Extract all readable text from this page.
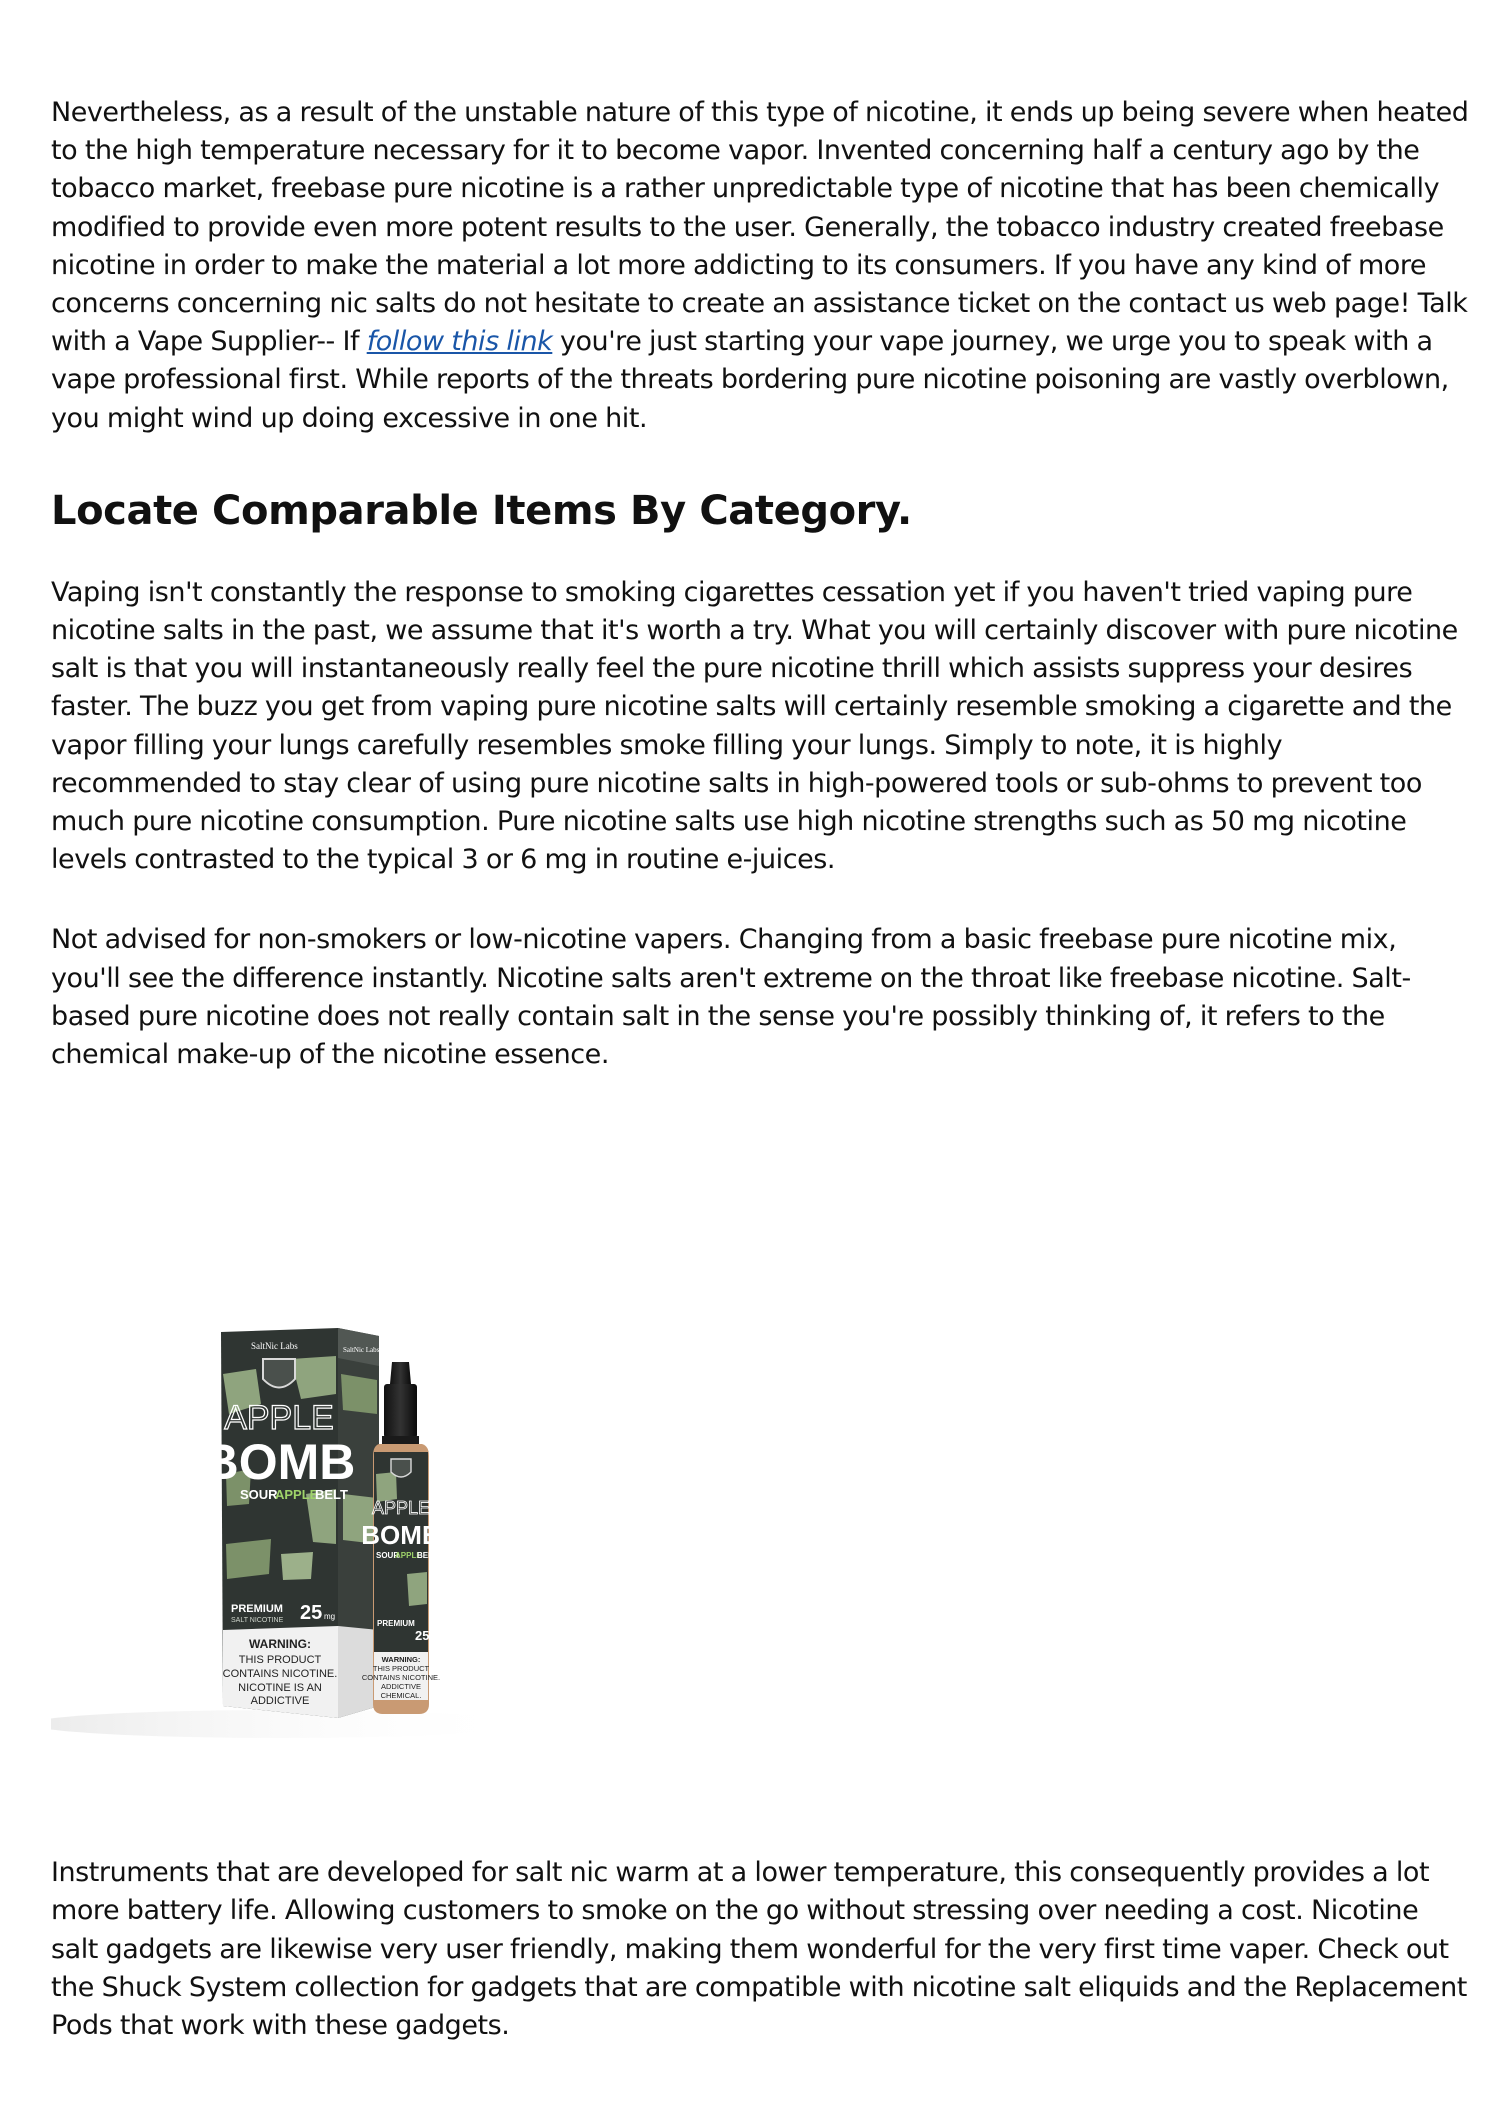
Nevertheless, as a result of the unstable nature of this type of nicotine, it ends up being severe when heated to the high temperature necessary for it to become vapor. Invented concerning half a century ago by the tobacco market, freebase pure nicotine is a rather unpredictable type of nicotine that has been chemically modified to provide even more potent results to the user. Generally, the tobacco industry created freebase nicotine in order to make the material a lot more addicting to its consumers. If you have any kind of more concerns concerning nic salts do not hesitate to create an assistance ticket on the contact us web page! Talk with a Vape Supplier-- If follow this link you're just starting your vape journey, we urge you to speak with a vape professional first. While reports of the threats bordering pure nicotine poisoning are vastly overblown, you might wind up doing excessive in one hit.

Locate Comparable Items By Category.

Vaping isn't constantly the response to smoking cigarettes cessation yet if you haven't tried vaping pure nicotine salts in the past, we assume that it's worth a try. What you will certainly discover with pure nicotine salt is that you will instantaneously really feel the pure nicotine thrill which assists suppress your desires faster. The buzz you get from vaping pure nicotine salts will certainly resemble smoking a cigarette and the vapor filling your lungs carefully resembles smoke filling your lungs. Simply to note, it is highly recommended to stay clear of using pure nicotine salts in high-powered tools or sub-ohms to prevent too much pure nicotine consumption. Pure nicotine salts use high nicotine strengths such as 50 mg nicotine levels contrasted to the typical 3 or 6 mg in routine e-juices.

Not advised for non-smokers or low-nicotine vapers. Changing from a basic freebase pure nicotine mix, you'll see the difference instantly. Nicotine salts aren't extreme on the throat like freebase nicotine. Salt-based pure nicotine does not really contain salt in the sense you're possibly thinking of, it refers to the chemical make-up of the nicotine essence.

SaltNic Labs	SaltNic Labs
APPLE
BOMB
SOUR
APPLE
BELT
PREMIUM
SALT NICOTINE 25 mg
WARNING:
THIS PRODUCT
CONTAINS NICOTINE.
NICOTINE IS AN
ADDICTIVE
APPLE
BOMB
SOUR
APPLE
BELT
PREMIUM
25
WARNING:
THIS PRODUCT
CONTAINS NICOTINE.
ADDICTIVE
CHEMICAL.

Instruments that are developed for salt nic warm at a lower temperature, this consequently provides a lot more battery life. Allowing customers to smoke on the go without stressing over needing a cost. Nicotine salt gadgets are likewise very user friendly, making them wonderful for the very first time vaper. Check out the Shuck System collection for gadgets that are compatible with nicotine salt eliquids and the Replacement Pods that work with these gadgets.
